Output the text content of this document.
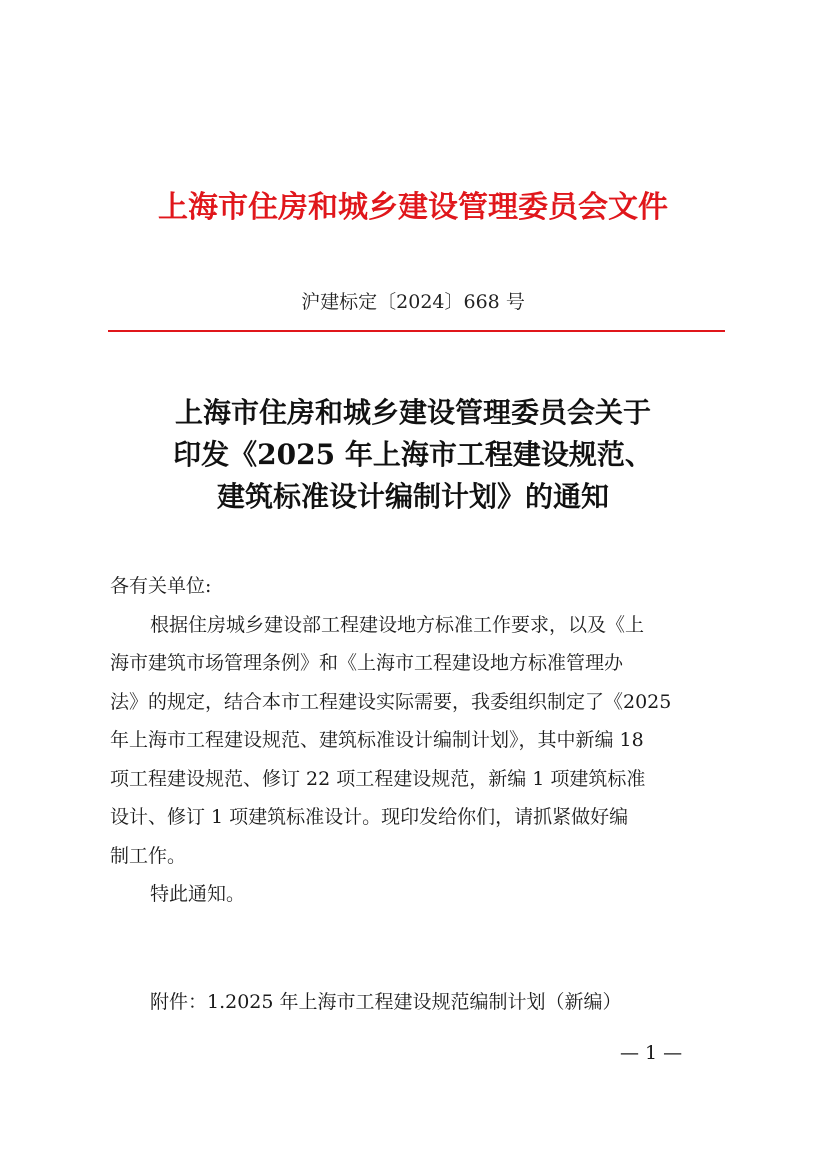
上海市住房和城乡建设管理委员会文件
沪建标定〔2024〕668 号
上海市住房和城乡建设管理委员会关于
印发《2025 年上海市工程建设规范、
建筑标准设计编制计划》的通知
各有关单位:
根据住房城乡建设部工程建设地方标准工作要求，以及《上
海市建筑市场管理条例》和《上海市工程建设地方标准管理办
法》的规定，结合本市工程建设实际需要，我委组织制定了《2025
年上海市工程建设规范、建筑标准设计编制计划》，其中新编 18
项工程建设规范、修订 22 项工程建设规范，新编 1 项建筑标准
设计、修订 1 项建筑标准设计。现印发给你们，请抓紧做好编
制工作。
特此通知。
附件：1.2025 年上海市工程建设规范编制计划（新编）
— 1 —
